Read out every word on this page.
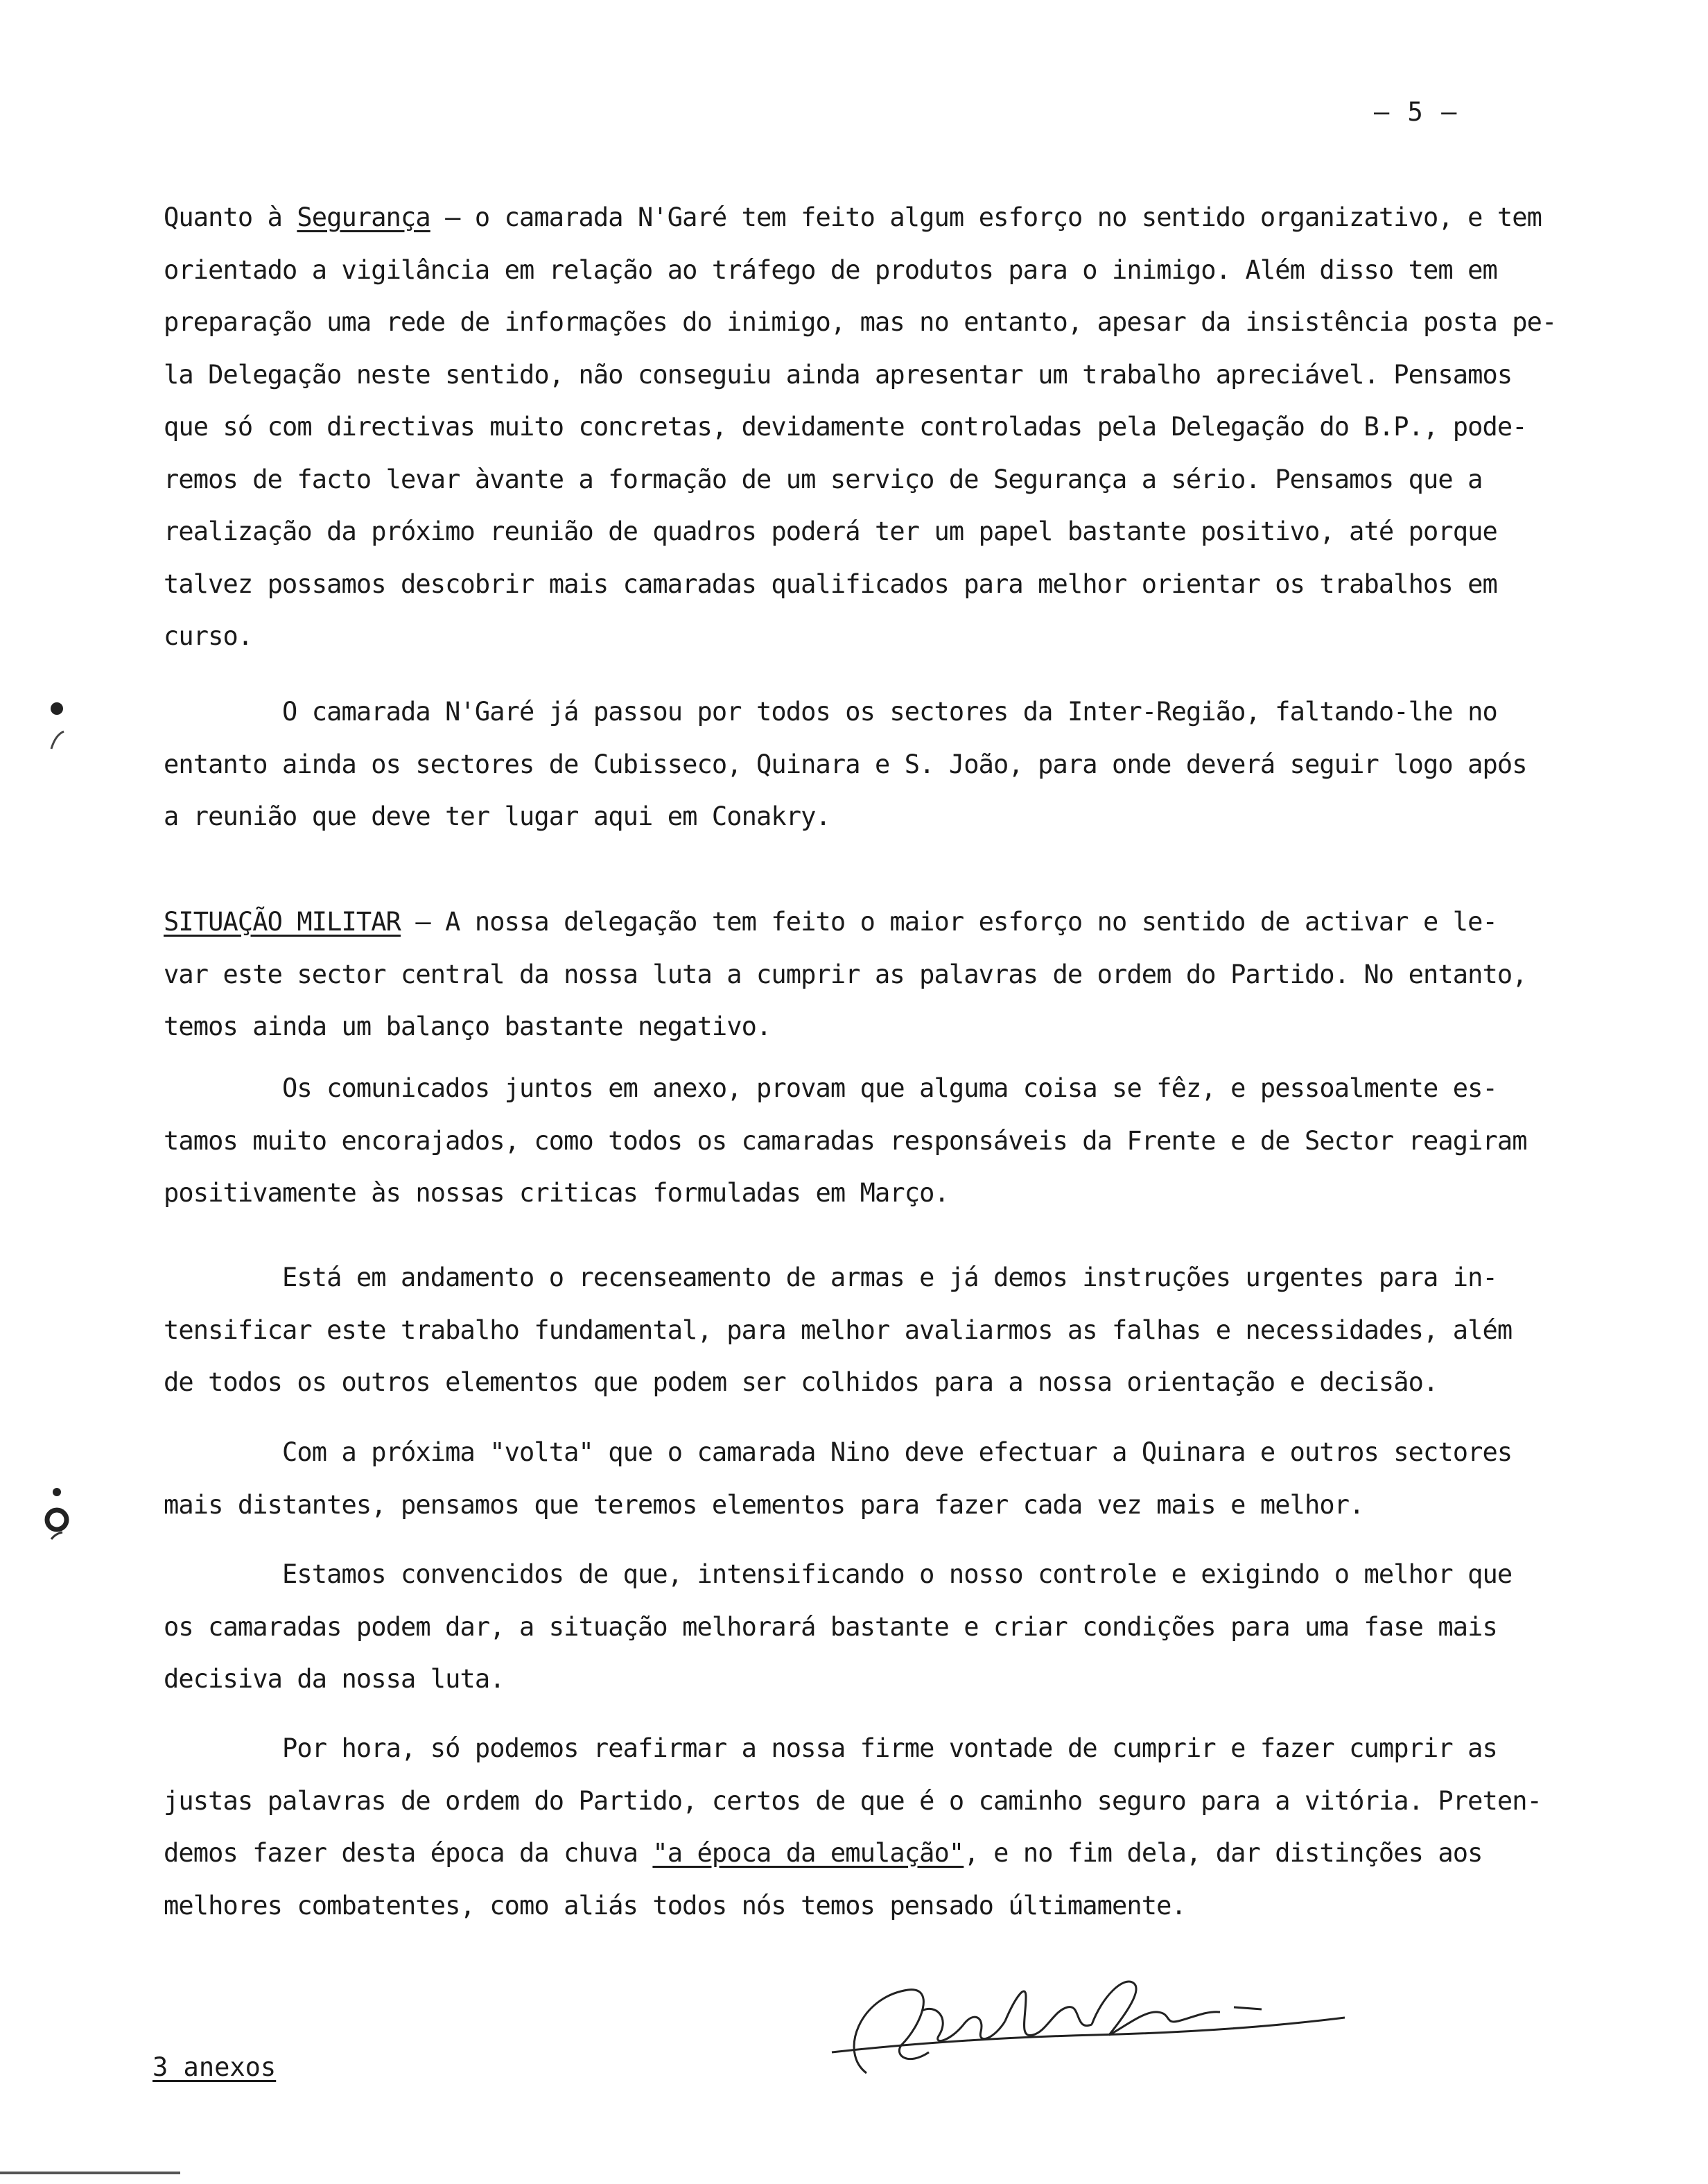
— 5 —
Quanto à Segurança — o camarada N'Garé tem feito algum esforço no sentido organizativo, e tem
orientado a vigilância em relação ao tráfego de produtos para o inimigo. Além disso tem em
preparação uma rede de informações do inimigo, mas no entanto, apesar da insistência posta pe-
la Delegação neste sentido, não conseguiu ainda apresentar um trabalho apreciável. Pensamos
que só com directivas muito concretas, devidamente controladas pela Delegação do B.P., pode-
remos de facto levar àvante a formação de um serviço de Segurança a sério. Pensamos que a
realização da próximo reunião de quadros poderá ter um papel bastante positivo, até porque
talvez possamos descobrir mais camaradas qualificados para melhor orientar os trabalhos em
curso.
O camarada N'Garé já passou por todos os sectores da Inter-Região, faltando-lhe no
entanto ainda os sectores de Cubisseco, Quinara e S. João, para onde deverá seguir logo após
a reunião que deve ter lugar aqui em Conakry.
SITUAÇÃO MILITAR — A nossa delegação tem feito o maior esforço no sentido de activar e le-
var este sector central da nossa luta a cumprir as palavras de ordem do Partido. No entanto,
temos ainda um balanço bastante negativo.
Os comunicados juntos em anexo, provam que alguma coisa se fêz, e pessoalmente es-
tamos muito encorajados, como todos os camaradas responsáveis da Frente e de Sector reagiram
positivamente às nossas criticas formuladas em Março.
Está em andamento o recenseamento de armas e já demos instruções urgentes para in-
tensificar este trabalho fundamental, para melhor avaliarmos as falhas e necessidades, além
de todos os outros elementos que podem ser colhidos para a nossa orientação e decisão.
Com a próxima "volta" que o camarada Nino deve efectuar a Quinara e outros sectores
mais distantes, pensamos que teremos elementos para fazer cada vez mais e melhor.
Estamos convencidos de que, intensificando o nosso controle e exigindo o melhor que
os camaradas podem dar, a situação melhorará bastante e criar condições para uma fase mais
decisiva da nossa luta.
Por hora, só podemos reafirmar a nossa firme vontade de cumprir e fazer cumprir as
justas palavras de ordem do Partido, certos de que é o caminho seguro para a vitória. Preten-
demos fazer desta época da chuva "a época da emulação", e no fim dela, dar distinções aos
melhores combatentes, como aliás todos nós temos pensado últimamente.
3 anexos
